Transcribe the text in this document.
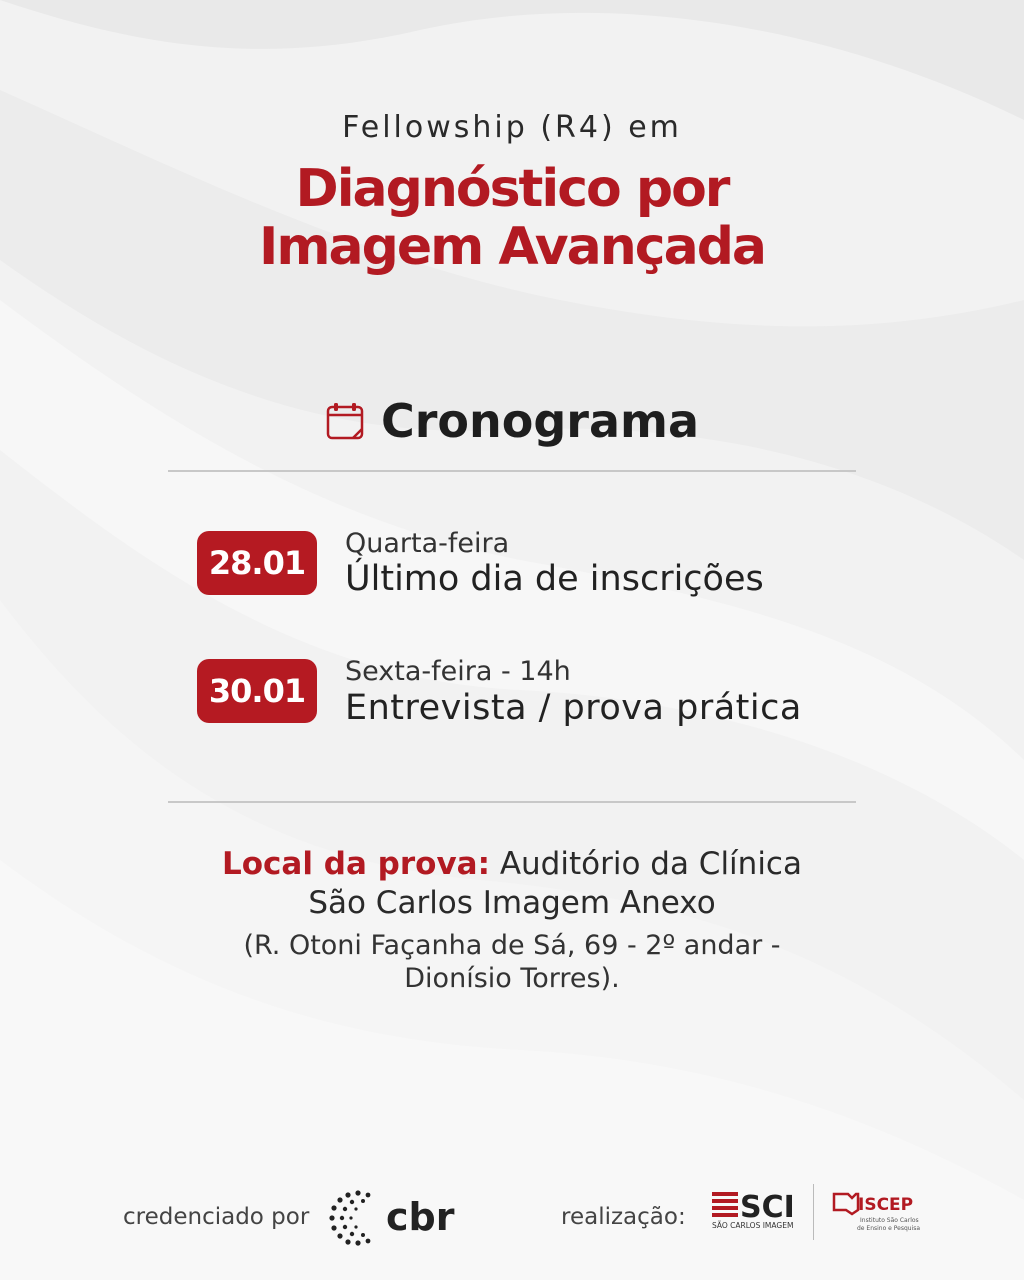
Fellowship (R4) em
Diagnóstico por
Imagem Avançada
Cronograma
28.01
Quarta-feira
Último dia de inscrições
30.01
Sexta-feira - 14h
Entrevista / prova prática
Local da prova: Auditório da Clínica
São Carlos Imagem Anexo
(R. Otoni Façanha de Sá, 69 - 2º andar -
Dionísio Torres).
credenciado por cbr	realização: SCI
SÃO CARLOS IMAGEM
ISCEP
Instituto São Carlos
de Ensino e Pesquisa
